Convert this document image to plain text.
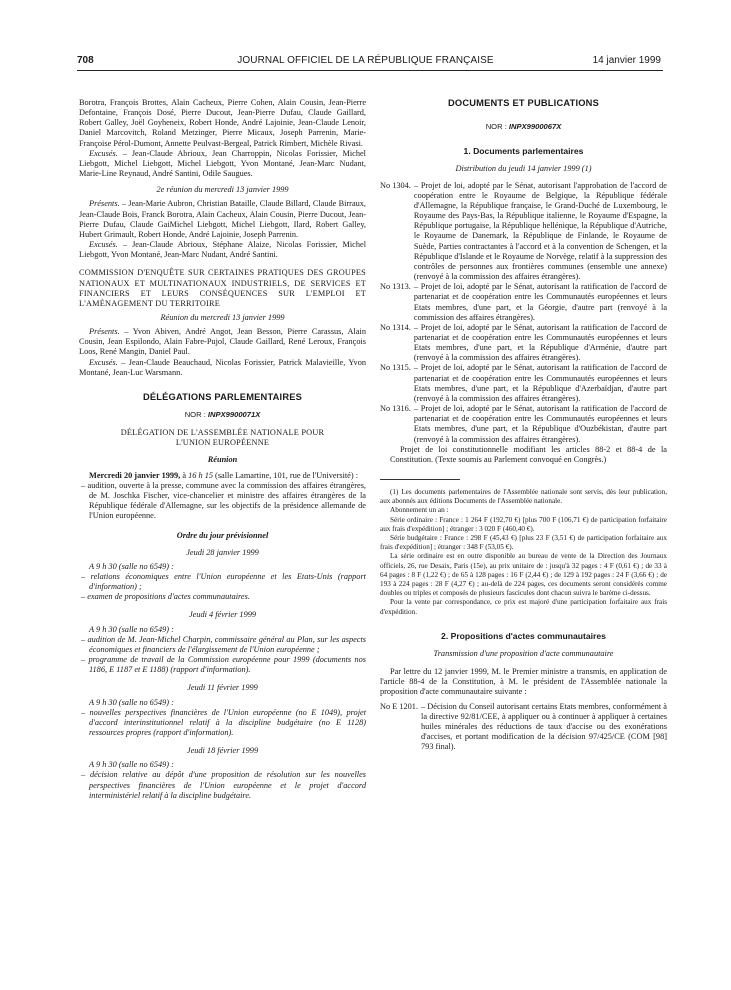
708	JOURNAL OFFICIEL DE LA RÉPUBLIQUE FRANÇAISE	14 janvier 1999

Borotra, François Brottes, Alain Cacheux, Pierre Cohen, Alain Cousin, Jean-Pierre Defontaine, François Dosé, Pierre Ducout, Jean-Pierre Dufau, Claude Gaillard, Robert Galley, Joël Goyheneix, Robert Honde, André Lajoinie, Jean-Claude Lenoir, Daniel Marcovitch, Roland Metzinger, Pierre Micaux, Joseph Parrenin, Marie-Françoise Pérol-Dumont, Annette Peulvast-Bergeal, Patrick Rimbert, Michèle Rivasi.

Excusés. – Jean-Claude Abrioux, Jean Charroppin, Nicolas Forissier, Michel Liebgott, Michel Liebgott, Michel Liebgott, Yvon Montané, Jean-Marc Nudant, Marie-Line Reynaud, André Santini, Odile Saugues.

2e réunion du mercredi 13 janvier 1999

Présents. – Jean-Marie Aubron, Christian Bataille, Claude Billard, Claude Birraux, Jean-Claude Bois, Franck Borotra, Alain Cacheux, Alain Cousin, Pierre Ducout, Jean-Pierre Dufau, Claude GaiMichel Liebgott, Michel Liebgott, Ilard, Robert Galley, Hubert Grimault, Robert Honde, André Lajoinie, Joseph Parrenin.

Excusés. – Jean-Claude Abrioux, Stéphane Alaize, Nicolas Forissier, Michel Liebgott, Yvon Montané, Jean-Marc Nudant, André Santini.

COMMISSION D'ENQUÊTE SUR CERTAINES PRATIQUES DES GROUPES NATIONAUX ET MULTINATIONAUX INDUSTRIELS, DE SERVICES ET FINANCIERS ET LEURS CONSÉQUENCES SUR L'EMPLOI ET L'AMÉNAGEMENT DU TERRITOIRE

Réunion du mercredi 13 janvier 1999

Présents. – Yvon Abiven, André Angot, Jean Besson, Pierre Carassus, Alain Cousin, Jean Espilondo, Alain Fabre-Pujol, Claude Gaillard, René Leroux, François Loos, René Mangin, Daniel Paul.

Excusés. – Jean-Claude Beauchaud, Nicolas Forissier, Patrick Malavieille, Yvon Montané, Jean-Luc Warsmann.

DÉLÉGATIONS PARLEMENTAIRES

NOR : INPX9900071X

DÉLÉGATION DE L'ASSEMBLÉE NATIONALE POUR L'UNION EUROPÉENNE

Réunion

Mercredi 20 janvier 1999, à 16 h 15 (salle Lamartine, 101, rue de l'Université) :

– audition, ouverte à la presse, commune avec la commission des affaires étrangères, de M. Joschka Fischer, vice-chancelier et ministre des affaires étrangères de la République fédérale d'Allemagne, sur les objectifs de la présidence allemande de l'Union européenne.

Ordre du jour prévisionnel

Jeudi 28 janvier 1999

A 9 h 30 (salle no 6549) :

– relations économiques entre l'Union européenne et les Etats-Unis (rapport d'information) ;

– examen de propositions d'actes communautaires.

Jeudi 4 février 1999

A 9 h 30 (salle no 6549) :

– audition de M. Jean-Michel Charpin, commissaire général au Plan, sur les aspects économiques et financiers de l'élargissement de l'Union européenne ;

– programme de travail de la Commission européenne pour 1999 (documents nos 1186, E 1187 et E 1188) (rapport d'information).

Jeudi 11 février 1999

A 9 h 30 (salle no 6549) :

– nouvelles perspectives financières de l'Union européenne (no E 1049), projet d'accord interinstitutionnel relatif à la discipline budgétaire (no E 1128) ressources propres (rapport d'information).

Jeudi 18 février 1999

A 9 h 30 (salle no 6549) :

– décision relative au dépôt d'une proposition de résolution sur les nouvelles perspectives financières de l'Union européenne et le projet d'accord interministériel relatif à la discipline budgétaire.

DOCUMENTS ET PUBLICATIONS

NOR : INPX9900067X

1. Documents parlementaires

Distribution du jeudi 14 janvier 1999 (1)

No 1304. – Projet de loi, adopté par le Sénat, autorisant l'approbation de l'accord de coopération entre le Royaume de Belgique, la République fédérale d'Allemagne, la République française, le Grand-Duché de Luxembourg, le Royaume des Pays-Bas, la République italienne, le Royaume d'Espagne, la République portugaise, la République hellénique, la République d'Autriche, le Royaume de Danemark, la République de Finlande, le Royaume de Suède, Parties contractantes à l'accord et à la convention de Schengen, et la République d'Islande et le Royaume de Norvège, relatif à la suppression des contrôles de personnes aux frontières communes (ensemble une annexe) (renvoyé à la commission des affaires étrangères).
No 1313. – Projet de loi, adopté par le Sénat, autorisant la ratification de l'accord de partenariat et de coopération entre les Communautés européennes et leurs Etats membres, d'une part, et la Géorgie, d'autre part (renvoyé à la commission des affaires étrangères).
No 1314. – Projet de loi, adopté par le Sénat, autorisant la ratification de l'accord de partenariat et de coopération entre les Communautés européennes et leurs Etats membres, d'une part, et la République d'Arménie, d'autre part (renvoyé à la commission des affaires étrangères).
No 1315. – Projet de loi, adopté par le Sénat, autorisant la ratification de l'accord de partenariat et de coopération entre les Communautés européennes et leurs Etats membres, d'une part, et la République d'Azerbaïdjan, d'autre part (renvoyé à la commission des affaires étrangères).
No 1316. – Projet de loi, adopté par le Sénat, autorisant la ratification de l'accord de partenariat et de coopération entre les Communautés européennes et leurs Etats membres, d'une part, et la République d'Ouzbékistan, d'autre part (renvoyé à la commission des affaires étrangères).

Projet de loi constitutionnelle modifiant les articles 88-2 et 88-4 de la Constitution. (Texte soumis au Parlement convoqué en Congrès.)

(1) Les documents parlementaires de l'Assemblée nationale sont servis, dès leur publication, aux abonnés aux éditions Documents de l'Assemblée nationale.

Abonnement un an :

Série ordinaire : France : 1 264 F (192,70 €) [plus 700 F (106,71 €) de participation forfaitaire aux frais d'expédition] ; étranger : 3 020 F (460,40 €).

Série budgétaire : France : 298 F (45,43 €) [plus 23 F (3,51 €) de participation forfaitaire aux frais d'expédition] ; étranger : 348 F (53,05 €).

La série ordinaire est en outre disponible au bureau de vente de la Direction des Journaux officiels, 26, rue Desaix, Paris (15e), au prix unitaire de : jusqu'à 32 pages : 4 F (0,61 €) ; de 33 à 64 pages : 8 F (1,22 €) ; de 65 à 128 pages : 16 F (2,44 €) ; de 129 à 192 pages : 24 F (3,66 €) ; de 193 à 224 pages : 28 F (4,27 €) ; au-delà de 224 pages, ces documents seront considérés comme doubles ou triples et composés de plusieurs fascicules dont chacun suivra le barème ci-dessus.

Pour la vente par correspondance, ce prix est majoré d'une participation forfaitaire aux frais d'expédition.

2. Propositions d'actes communautaires

Transmission d'une proposition d'acte communautaire

Par lettre du 12 janvier 1999, M. le Premier ministre a transmis, en application de l'article 88-4 de la Constitution, à M. le président de l'Assemblée nationale la proposition d'acte communautaire suivante :

No E 1201. – Décision du Conseil autorisant certains Etats membres, conformément à la directive 92/81/CEE, à appliquer ou à continuer à appliquer à certaines huiles minérales des réductions de taux d'accise ou des exonérations d'accises, et portant modification de la décision 97/425/CE (COM [98] 793 final).
